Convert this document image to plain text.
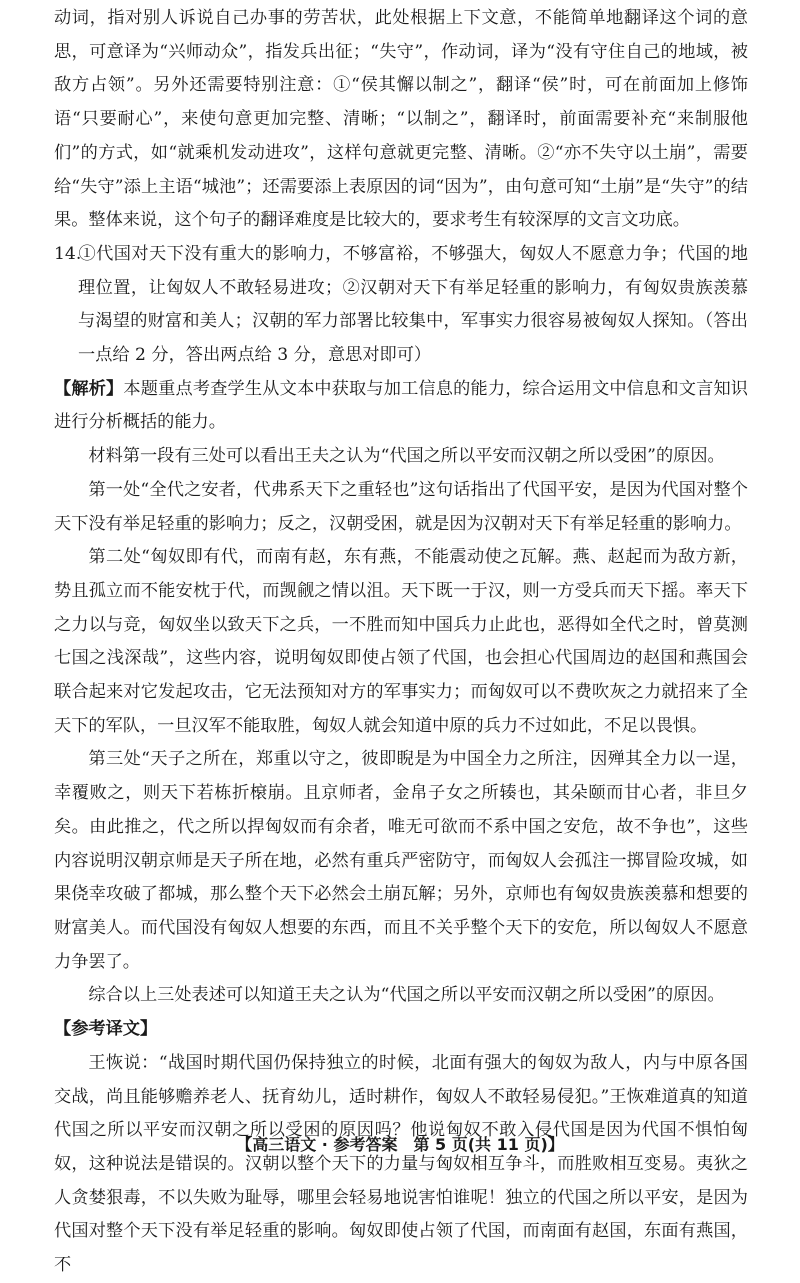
动词，指对别人诉说自己办事的劳苦状，此处根据上下文意，不能简单地翻译这个词的意思，可意译为“兴师动众”，指发兵出征；“失守”，作动词，译为“没有守住自己的地域，被敌方占领”。另外还需要特别注意：①“侯其懈以制之”，翻译“侯”时，可在前面加上修饰语“只要耐心”，来使句意更加完整、清晰；“以制之”，翻译时，前面需要补充“来制服他们”的方式，如“就乘机发动进攻”，这样句意就更完整、清晰。②“亦不失守以土崩”，需要给“失守”添上主语“城池”；还需要添上表原因的词“因为”，由句意可知“土崩”是“失守”的结果。整体来说，这个句子的翻译难度是比较大的，要求考生有较深厚的文言文功底。

14.①代国对天下没有重大的影响力，不够富裕，不够强大，匈奴人不愿意力争；代国的地理位置，让匈奴人不敢轻易进攻；②汉朝对天下有举足轻重的影响力，有匈奴贵族羡慕与渴望的财富和美人；汉朝的军力部署比较集中，军事实力很容易被匈奴人探知。（答出一点给 2 分，答出两点给 3 分，意思对即可）

【解析】本题重点考查学生从文本中获取与加工信息的能力，综合运用文中信息和文言知识进行分析概括的能力。

材料第一段有三处可以看出王夫之认为“代国之所以平安而汉朝之所以受困”的原因。

第一处“全代之安者，代弗系天下之重轻也”这句话指出了代国平安，是因为代国对整个天下没有举足轻重的影响力；反之，汉朝受困，就是因为汉朝对天下有举足轻重的影响力。

第二处“匈奴即有代，而南有赵，东有燕，不能震动使之瓦解。燕、赵起而为敌方新，势且孤立而不能安枕于代，而觊觎之情以沮。天下既一于汉，则一方受兵而天下摇。率天下之力以与竞，匈奴坐以致天下之兵，一不胜而知中国兵力止此也，恶得如全代之时，曾莫测七国之浅深哉”，这些内容，说明匈奴即使占领了代国，也会担心代国周边的赵国和燕国会联合起来对它发起攻击，它无法预知对方的军事实力；而匈奴可以不费吹灰之力就招来了全天下的军队，一旦汉军不能取胜，匈奴人就会知道中原的兵力不过如此，不足以畏惧。

第三处“天子之所在，郑重以守之，彼即睨是为中国全力之所注，因殚其全力以一逞，幸覆败之，则天下若栋折榱崩。且京师者，金帛子女之所辏也，其朵颐而甘心者，非旦夕矣。由此推之，代之所以捍匈奴而有余者，唯无可欲而不系中国之安危，故不争也”，这些内容说明汉朝京师是天子所在地，必然有重兵严密防守，而匈奴人会孤注一掷冒险攻城，如果侥幸攻破了都城，那么整个天下必然会土崩瓦解；另外，京师也有匈奴贵族羡慕和想要的财富美人。而代国没有匈奴人想要的东西，而且不关乎整个天下的安危，所以匈奴人不愿意力争罢了。

综合以上三处表述可以知道王夫之认为“代国之所以平安而汉朝之所以受困”的原因。

【参考译文】

王恢说：“战国时期代国仍保持独立的时候，北面有强大的匈奴为敌人，内与中原各国交战，尚且能够赡养老人、抚育幼儿，适时耕作，匈奴人不敢轻易侵犯。”王恢难道真的知道代国之所以平安而汉朝之所以受困的原因吗？他说匈奴不敢入侵代国是因为代国不惧怕匈奴，这种说法是错误的。汉朝以整个天下的力量与匈奴相互争斗，而胜败相互变易。夷狄之人贪婪狠毒，不以失败为耻辱，哪里会轻易地说害怕谁呢！独立的代国之所以平安，是因为代国对整个天下没有举足轻重的影响。匈奴即使占领了代国，而南面有赵国，东面有燕国，不

【高三语文 · 参考答案　第 5 页(共 11 页)】
